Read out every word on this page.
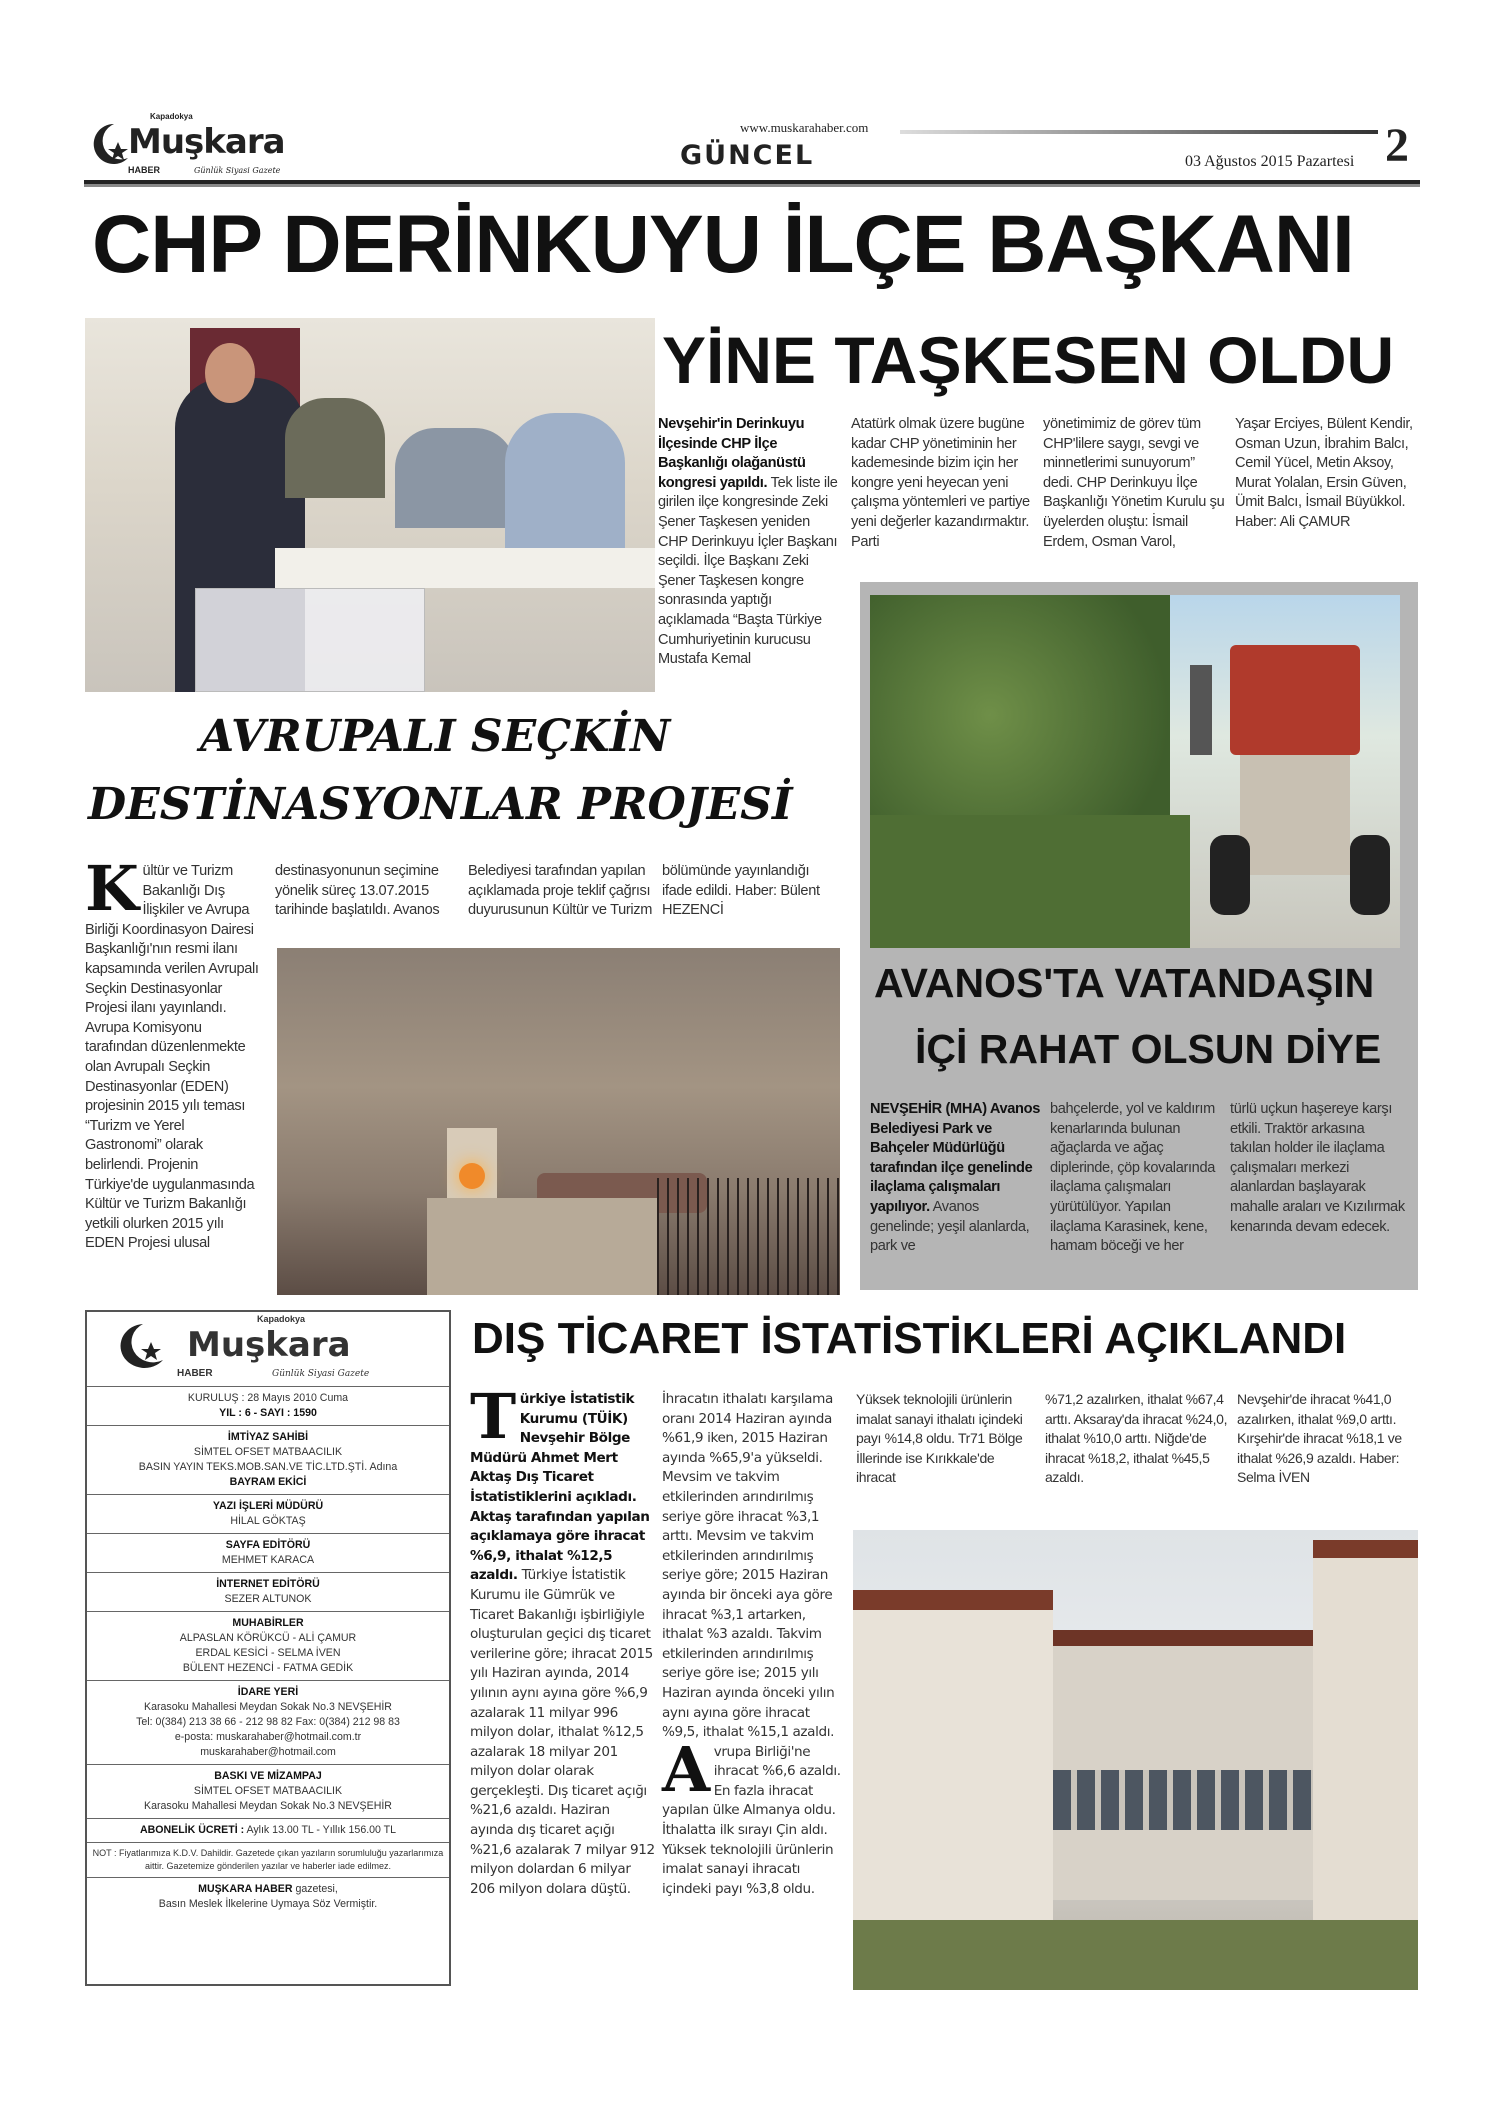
Kapadokya
Muşkara
HABER	Günlük Siyasi Gazete	GÜNCEL
www.muskarahaber.com
03 Ağustos 2015 Pazartesi 2
CHP DERİNKUYU İLÇE BAŞKANI
YİNE TAŞKESEN OLDU
Nevşehir'in Derinkuyu İlçesinde CHP İlçe Başkanlığı olağanüstü kongresi yapıldı. Tek liste ile girilen ilçe kongresinde Zeki Şener Taşkesen yeniden CHP Derinkuyu İçler Başkanı seçildi. İlçe Başkanı Zeki Şener Taşkesen kongre sonrasında yaptığı açıklamada “Başta Türkiye Cumhuriyetinin kurucusu Mustafa Kemal
Atatürk olmak üzere bugüne kadar CHP yönetiminin her kademesinde bizim için her kongre yeni heyecan yeni çalışma yöntemleri ve partiye yeni değerler kazandırmaktır. Parti
yönetimimiz de görev tüm CHP'lilere saygı, sevgi ve minnetlerimi sunuyorum” dedi. CHP Derinkuyu İlçe Başkanlığı Yönetim Kurulu şu üyelerden oluştu: İsmail Erdem, Osman Varol,
Yaşar Erciyes, Bülent Kendir, Osman Uzun, İbrahim Balcı, Cemil Yücel, Metin Aksoy, Murat Yolalan, Ersin Güven, Ümit Balcı, İsmail Büyükkol. Haber: Ali ÇAMUR
AVANOS'TA VATANDAŞIN
İÇİ RAHAT OLSUN DİYE
NEVŞEHİR (MHA) Avanos Belediyesi Park ve Bahçeler Müdürlüğü tarafından ilçe genelinde ilaçlama çalışmaları yapılıyor. Avanos genelinde; yeşil alanlarda, park ve
bahçelerde, yol ve kaldırım kenarlarında bulunan ağaçlarda ve ağaç diplerinde, çöp kovalarında ilaçlama çalışmaları yürütülüyor. Yapılan ilaçlama Karasinek, kene, hamam böceği ve her
türlü uçkun haşereye karşı etkili. Traktör arkasına takılan holder ile ilaçlama çalışmaları merkezi alanlardan başlayarak mahalle araları ve Kızılırmak kenarında devam edecek.
AVRUPALI SEÇKİN
DESTİNASYONLAR PROJESİ
Kültür ve Turizm Bakanlığı Dış İlişkiler ve Avrupa Birliği Koordinasyon Dairesi Başkanlığı'nın resmi ilanı kapsamında verilen Avrupalı Seçkin Destinasyonlar Projesi ilanı yayınlandı. Avrupa Komisyonu tarafından düzenlenmekte olan Avrupalı Seçkin Destinasyonlar (EDEN) projesinin 2015 yılı teması “Turizm ve Yerel Gastronomi” olarak belirlendi. Projenin Türkiye'de uygulanmasında Kültür ve Turizm Bakanlığı yetkili olurken 2015 yılı EDEN Projesi ulusal
destinasyonunun seçimine yönelik süreç 13.07.2015 tarihinde başlatıldı. Avanos
Belediyesi tarafından yapılan açıklamada proje teklif çağrısı duyurusunun Kültür ve Turizm
bölümünde yayınlandığı ifade edildi. Haber: Bülent HEZENCİ
Kapadokya
Muşkara
HABER	Günlük Siyasi Gazete
KURULUŞ : 28 Mayıs 2010 Cuma
YIL : 6 - SAYI : 1590
İMTİYAZ SAHİBİ
SİMTEL OFSET MATBAACILIK
BASIN YAYIN TEKS.MOB.SAN.VE TİC.LTD.ŞTİ. Adına
BAYRAM EKİCİ
YAZI İŞLERİ MÜDÜRÜ
HİLAL GÖKTAŞ
SAYFA EDİTÖRÜ
MEHMET KARACA
İNTERNET EDİTÖRÜ
SEZER ALTUNOK
MUHABİRLER
ALPASLAN KÖRÜKCÜ - ALİ ÇAMUR
ERDAL KESİCİ - SELMA İVEN
BÜLENT HEZENCİ - FATMA GEDİK
İDARE YERİ
Karasoku Mahallesi Meydan Sokak No.3 NEVŞEHİR
Tel: 0(384) 213 38 66 - 212 98 82 Fax: 0(384) 212 98 83
e-posta: muskarahaber@hotmail.com.tr
muskarahaber@hotmail.com
BASKI VE MİZAMPAJ
SİMTEL OFSET MATBAACILIK
Karasoku Mahallesi Meydan Sokak No.3 NEVŞEHİR
ABONELİK ÜCRETİ : Aylık 13.00 TL - Yıllık 156.00 TL
NOT : Fiyatlarımıza K.D.V. Dahildir. Gazetede çıkan yazıların sorumluluğu yazarlarımıza aittir. Gazetemize gönderilen yazılar ve haberler iade edilmez.
MUŞKARA HABER gazetesi,
Basın Meslek İlkelerine Uymaya Söz Vermiştir.
DIŞ TİCARET İSTATİSTİKLERİ AÇIKLANDI
Türkiye İstatistik Kurumu (TÜİK) Nevşehir Bölge Müdürü Ahmet Mert Aktaş Dış Ticaret İstatistiklerini açıkladı. Aktaş tarafından yapılan açıklamaya göre ihracat %6,9, ithalat %12,5 azaldı. Türkiye İstatistik Kurumu ile Gümrük ve Ticaret Bakanlığı işbirliğiyle oluşturulan geçici dış ticaret verilerine göre; ihracat 2015 yılı Haziran ayında, 2014 yılının aynı ayına göre %6,9 azalarak 11 milyar 996 milyon dolar, ithalat %12,5 azalarak 18 milyar 201 milyon dolar olarak gerçekleşti. Dış ticaret açığı %21,6 azaldı. Haziran ayında dış ticaret açığı %21,6 azalarak 7 milyar 912 milyon dolardan 6 milyar 206 milyon dolara düştü.
İhracatın ithalatı karşılama oranı 2014 Haziran ayında %61,9 iken, 2015 Haziran ayında %65,9'a yükseldi. Mevsim ve takvim etkilerinden arındırılmış seriye göre ihracat %3,1 arttı. Mevsim ve takvim etkilerinden arındırılmış seriye göre; 2015 Haziran ayında bir önceki aya göre ihracat %3,1 artarken, ithalat %3 azaldı. Takvim etkilerinden arındırılmış seriye göre ise; 2015 yılı Haziran ayında önceki yılın aynı ayına göre ihracat %9,5, ithalat %15,1 azaldı.

A vrupa Birliği'ne ihracat %6,6 azaldı. En fazla ihracat yapılan ülke Almanya oldu. İthalatta ilk sırayı Çin aldı. Yüksek teknolojili ürünlerin imalat sanayi ihracatı içindeki payı %3,8 oldu.
Yüksek teknolojili ürünlerin imalat sanayi ithalatı içindeki payı %14,8 oldu. Tr71 Bölge İllerinde ise Kırıkkale'de ihracat
%71,2 azalırken, ithalat %67,4 arttı. Aksaray'da ihracat %24,0, ithalat %10,0 arttı. Niğde'de ihracat %18,2, ithalat %45,5 azaldı.
Nevşehir'de ihracat %41,0 azalırken, ithalat %9,0 arttı. Kırşehir'de ihracat %18,1 ve ithalat %26,9 azaldı. Haber: Selma İVEN
